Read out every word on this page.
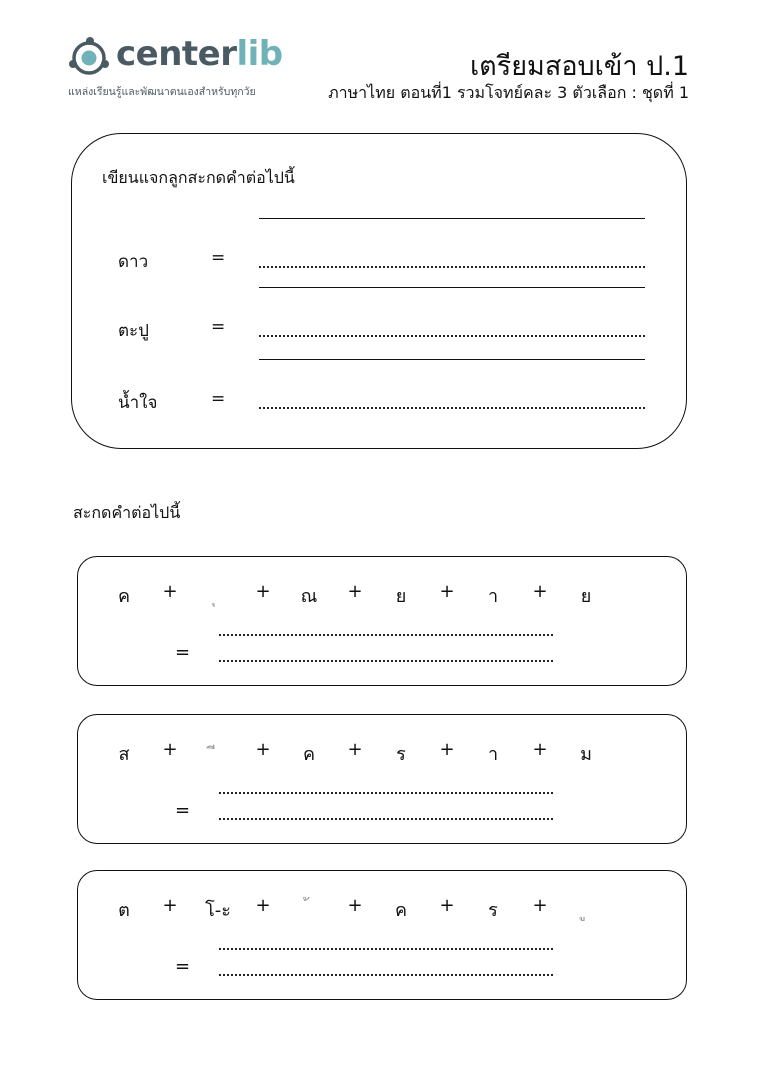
centerlib
แหล่งเรียนรู้และพัฒนาตนเองสำหรับทุกวัย
เตรียมสอบเข้า ป.1
ภาษาไทย ตอนที่1 รวมโจทย์คละ 3 ตัวเลือก : ชุดที่ 1
เขียนแจกลูกสะกดคำต่อไปนี้
ดาว	=
ตะปู	=
น้ำใจ	=
สะกดคำต่อไปนี้
ค	+	+	ณ	+	ย	+	า	+	ย
=
ส	+	+	ค	+	ร	+	า	+	ม
=
ต	+	โ-ะ	+	+	ค	+	ร	+
=
